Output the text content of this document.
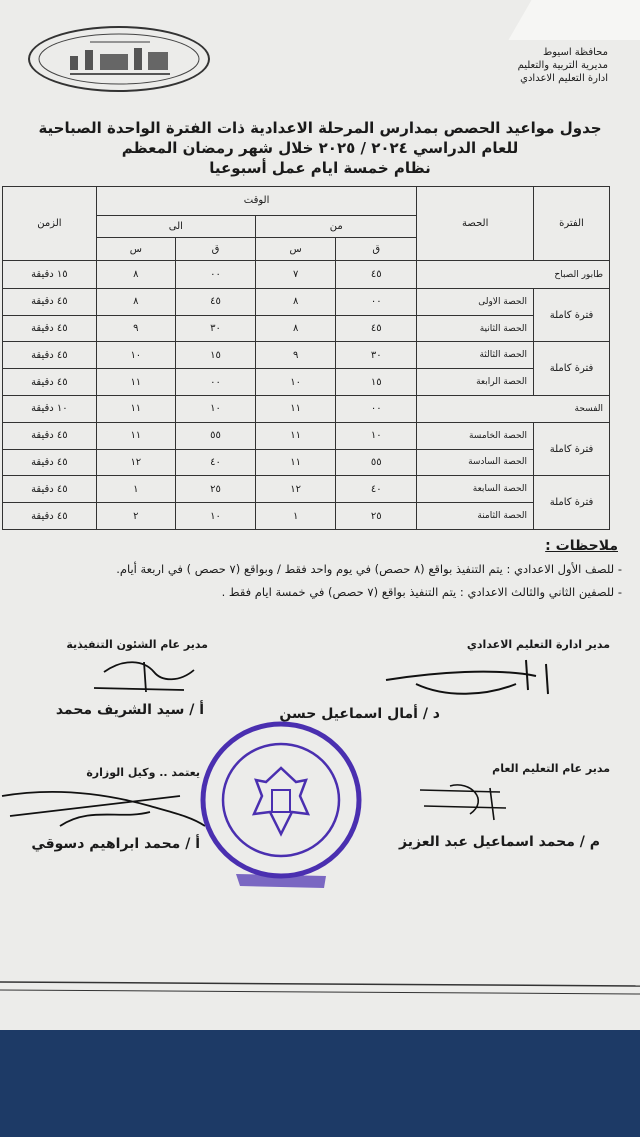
محافظة اسيوط
مديرية التربية والتعليم
ادارة التعليم الاعدادي
جدول مواعيد الحصص بمدارس المرحلة الاعدادية ذات الفترة الواحدة الصباحية
للعام الدراسي ٢٠٢٤ / ٢٠٢٥ خلال شهر رمضان المعظم
نظام خمسة ايام عمل أسبوعيا
الفترة	الحصة	الوقت				الزمن
		من		الى		
		ق	س	ق	س	
طابور الصباح		٤٥	٧	٠٠	٨	١٥ دقيقة
فترة كاملة	الحصة الاولى	٠٠	٨	٤٥	٨	٤٥ دقيقة
	الحصة الثانية	٤٥	٨	٣٠	٩	٤٥ دقيقة
فترة كاملة	الحصة الثالثة	٣٠	٩	١٥	١٠	٤٥ دقيقة
	الحصة الرابعة	١٥	١٠	٠٠	١١	٤٥ دقيقة
الفسحة		٠٠	١١	١٠	١١	١٠ دقيقة
فترة كاملة	الحصة الخامسة	١٠	١١	٥٥	١١	٤٥ دقيقة
	الحصة السادسة	٥٥	١١	٤٠	١٢	٤٥ دقيقة
فترة كاملة	الحصة السابعة	٤٠	١٢	٢٥	١	٤٥ دقيقة
	الحصة الثامنة	٢٥	١	١٠	٢	٤٥ دقيقة
ملاحظات :
- للصف الأول الاعدادي : يتم التنفيذ بواقع (٨ حصص) في يوم واحد فقط / وبواقع (٧ حصص ) في اربعة أيام.
- للصفين الثاني والثالث الاعدادي : يتم التنفيذ بواقع (٧ حصص) في خمسة ايام فقط .
مدير ادارة التعليم الاعدادي
د / أمال اسماعيل حسن
مدير عام الشئون التنفيذية
أ / سيد الشريف محمد
مدير عام التعليم العام
م / محمد اسماعيل عبد العزيز
يعتمد .. وكيل الوزارة
أ / محمد ابراهيم دسوقي
